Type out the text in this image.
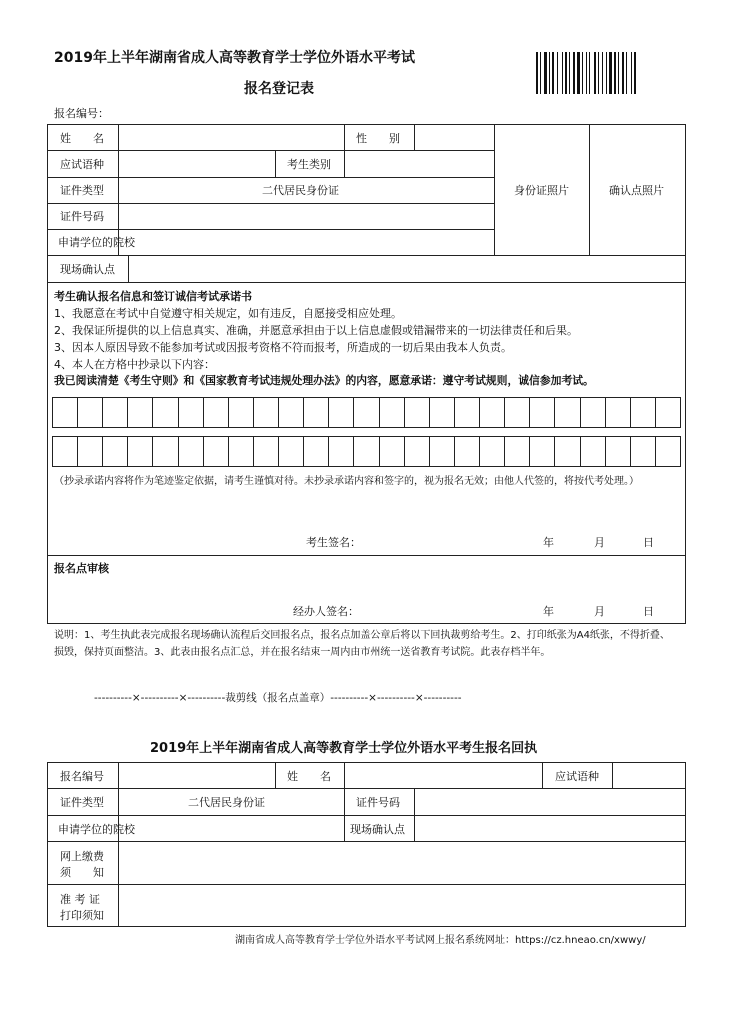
2019年上半年湖南省成人高等教育学士学位外语水平考试
报名登记表
报名编号：
姓　　名	性　　别
应试语种	考生类别
证件类型	二代居民身份证
证件号码
申请学位的院校
身份证照片	确认点照片
现场确认点
考生确认报名信息和签订诚信考试承诺书
1、我愿意在考试中自觉遵守相关规定，如有违反，自愿接受相应处理。
2、我保证所提供的以上信息真实、准确，并愿意承担由于以上信息虚假或错漏带来的一切法律责任和后果。
3、因本人原因导致不能参加考试或因报考资格不符而报考，所造成的一切后果由我本人负责。
4、本人在方格中抄录以下内容：
我已阅读清楚《考生守则》和《国家教育考试违规处理办法》的内容，愿意承诺：遵守考试规则，诚信参加考试。
（抄录承诺内容将作为笔迹鉴定依据，请考生谨慎对待。未抄录承诺内容和签字的，视为报名无效；由他人代签的，将按代考处理。）
考生签名：	年	月	日
报名点审核
经办人签名：	年	月	日
说明：1、考生执此表完成报名现场确认流程后交回报名点，报名点加盖公章后将以下回执裁剪给考生。2、打印纸张为A4纸张，不得折叠、损毁，保持页面整洁。3、此表由报名点汇总，并在报名结束一周内由市州统一送省教育考试院。此表存档半年。
----------×----------×----------裁剪线（报名点盖章）----------×----------×----------
2019年上半年湖南省成人高等教育学士学位外语水平考生报名回执
报名编号	姓　　名	应试语种
证件类型	二代居民身份证	证件号码
申请学位的院校	现场确认点
网上缴费
须　　知
准 考 证
打印须知
湖南省成人高等教育学士学位外语水平考试网上报名系统网址：https://cz.hneao.cn/xwwy/
